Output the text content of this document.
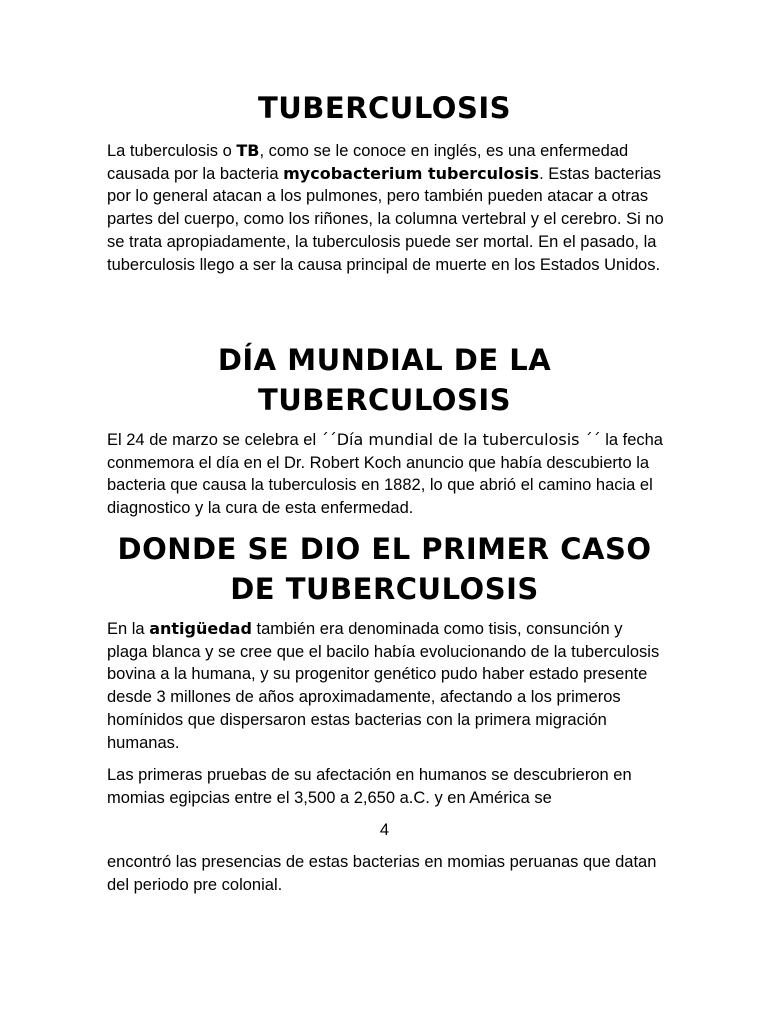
TUBERCULOSIS

La tuberculosis o TB, como se le conoce en inglés, es una enfermedad causada por la bacteria mycobacterium tuberculosis. Estas bacterias por lo general atacan a los pulmones, pero también pueden atacar a otras partes del cuerpo, como los riñones, la columna vertebral y el cerebro. Si no se trata apropiadamente, la tuberculosis puede ser mortal. En el pasado, la tuberculosis llego a ser la causa principal de muerte en los Estados Unidos.

DÍA MUNDIAL DE LA TUBERCULOSIS

El 24 de marzo se celebra el ´´Día mundial de la tuberculosis ´´ la fecha conmemora el día en el Dr. Robert Koch anuncio que había descubierto la bacteria que causa la tuberculosis en 1882, lo que abrió el camino hacia el diagnostico y la cura de esta enfermedad.

DONDE SE DIO EL PRIMER CASO DE TUBERCULOSIS

En la antigüedad también era denominada como tisis, consunción y plaga blanca y se cree que el bacilo había evolucionando de la tuberculosis bovina a la humana, y su progenitor genético pudo haber estado presente desde 3 millones de años aproximadamente, afectando a los primeros homínidos que dispersaron estas bacterias con la primera migración humanas.

Las primeras pruebas de su afectación en humanos se descubrieron en momias egipcias entre el 3,500 a 2,650 a.C. y en América se

4

encontró las presencias de estas bacterias en momias peruanas que datan del periodo pre colonial.
